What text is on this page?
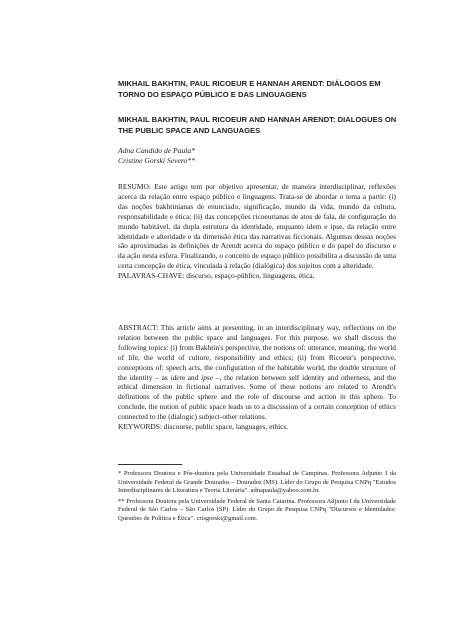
MIKHAIL BAKHTIN, PAUL RICOEUR E HANNAH ARENDT: DIÁLOGOS EM TORNO DO ESPAÇO PÚBLICO E DAS LINGUAGENS

MIKHAIL BAKHTIN, PAUL RICOEUR AND HANNAH ARENDT: DIALOGUES ON THE PUBLIC SPACE AND LANGUAGES

Adna Candido de Paula*
Cristine Gorski Severo**

RESUMO: Este artigo tem por objetivo apresentar, de maneira interdisciplinar, reflexões acerca da relação entre espaço público e linguagens. Trata-se de abordar o tema a partir: (i) das noções bakhtinianas de enunciado, significação, mundo da vida, mundo da cultura, responsabilidade e ética; (ii) das concepções ricoeurianas de atos de fala, de configuração do mundo habitável, da dupla estrutura da identidade, enquanto idem e ipse, da relação entre identidade e alteridade e da dimensão ética das narrativas ficcionais. Algumas dessas noções são aproximadas às definições de Arendt acerca do espaço público e do papel do discurso e da ação nesta esfera. Finalizando, o conceito de espaço público possibilita a discussão de uma certa concepção de ética, vinculada à relação (dialógica) dos sujeitos com a alteridade.

PALAVRAS-CHAVE: discurso, espaço-público, linguagens, ética.

ABSTRACT: This article aims at presenting, in an interdisciplinary way, reflections on the relation between the public space and languages. For this purpose, we shall discuss the following topics: (i) from Bakhtin's perspective, the notions of: utterance, meaning, the world of life, the world of culture, responsibility and ethics; (ii) from Ricoeur's perspective, conceptions of: speech acts, the configuration of the habitable world, the double structure of the identity – as idem and ipse –, the relation between self identity and otherness, and the ethical dimension in fictional narratives. Some of these notions are related to Arendt's definitions of the public sphere and the role of discourse and action in this sphere. To conclude, the notion of public space leads us to a discussion of a certain conception of ethics connected to the (dialogic) subject-other relations.

KEYWORDS: discourse, public space, languages, ethics.

* Professora Doutora e Pós-doutora pela Universidade Estadual de Campinas. Professora Adjunto I da Universidade Federal da Grande Dourados – Dourados (MS). Líder do Grupo de Pesquisa CNPq "Estudos Interdisciplinares de Literatura e Teoria Literária". adnapaula@yahoo.com.br.

** Professora Doutora pela Universidade Federal de Santa Catarina. Professora Adjunto I da Universidade Federal de São Carlos – São Carlos (SP). Líder do Grupo de Pesquisa CNPq "Discursos e Identidades: Questões de Política e Ética". crisgorski@gmail.com.
